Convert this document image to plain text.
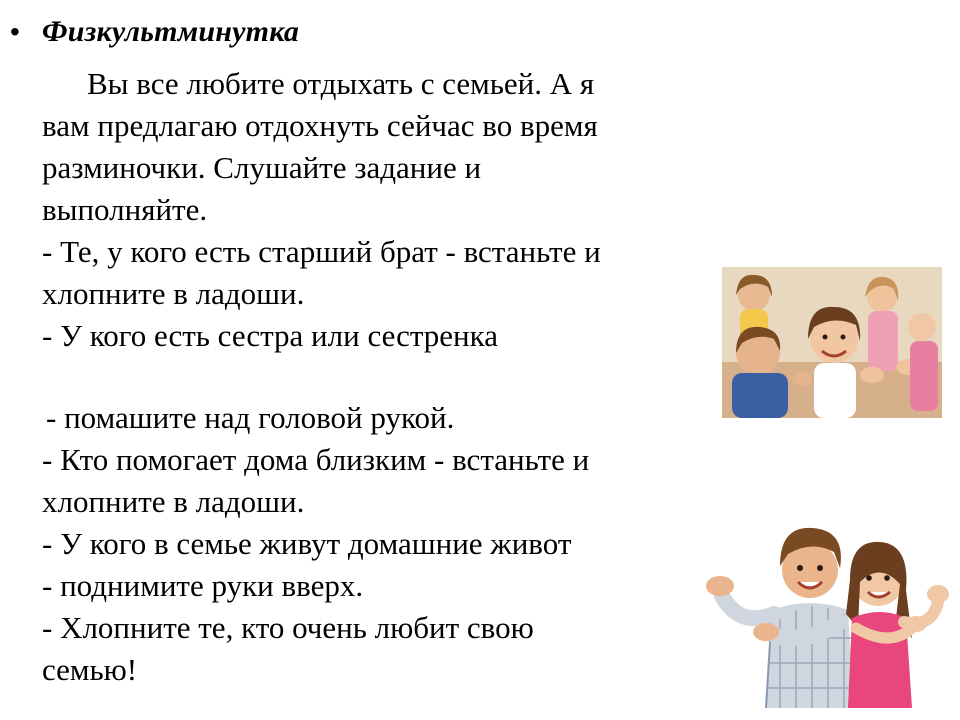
• Физкультминутка
Вы все любите отдыхать с семьей. А я
вам предлагаю отдохнуть сейчас во время
разминочки. Слушайте задание и
выполняйте.
- Те, у кого есть старший брат - встаньте и
хлопните в ладоши.
- У кого есть сестра или сестренка
- помашите над головой рукой.
- Кто помогает дома близким - встаньте и
хлопните в ладоши.
- У кого в семье живут домашние живот
- поднимите руки вверх.
- Хлопните те, кто очень любит свою
семью!
